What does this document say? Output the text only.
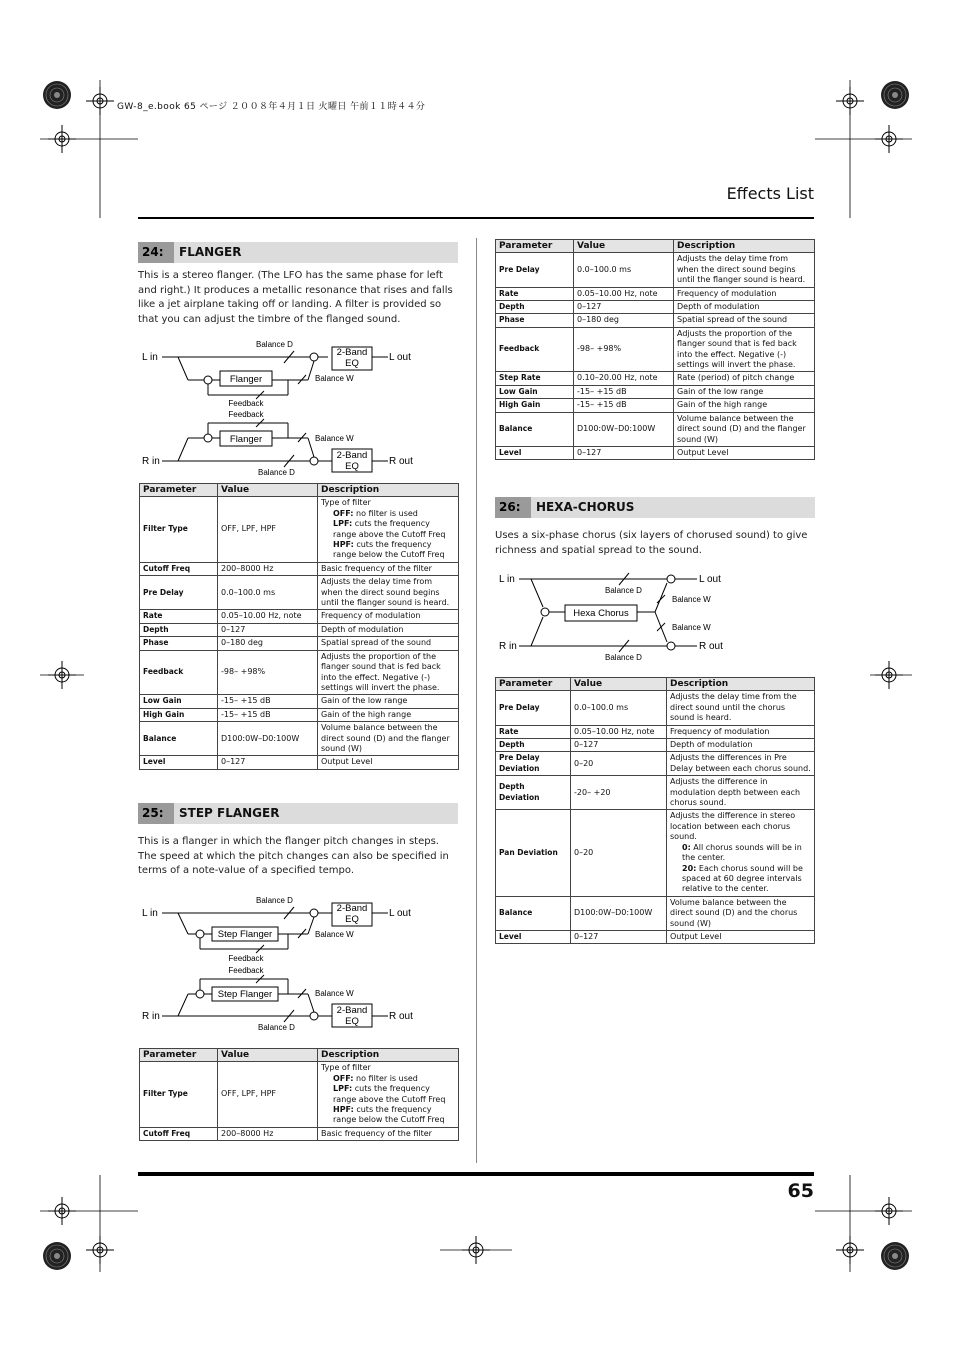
GW-8_e.book 65 ページ ２００８年４月１日 火曜日 午前１１時４４分
Effects List
24:	FLANGER
This is a stereo flanger. (The LFO has the same phase for left and right.) It produces a metallic resonance that rises and falls like a jet airplane taking off or landing. A filter is provided so that you can adjust the timbre of the flanged sound.
L in	L out
R in	R out
Balance D
Balance W
Balance W
Balance D
Flanger
Flanger
2-Band
EQ
2-Band
EQ
Feedback
Feedback
Parameter	Value	Description
Filter Type	OFF, LPF, HPF	Type of filter
OFF: no filter is used
LPF: cuts the frequency range above the Cutoff Freq
HPF: cuts the frequency range below the Cutoff Freq

Cutoff Freq	200–8000 Hz	Basic frequency of the filter
Pre Delay	0.0–100.0 ms	Adjusts the delay time from when the direct sound begins until the flanger sound is heard.
Rate	0.05–10.00 Hz, note	Frequency of modulation
Depth	0–127	Depth of modulation
Phase	0–180 deg	Spatial spread of the sound
Feedback	-98– +98%	Adjusts the proportion of the flanger sound that is fed back into the effect. Negative (-) settings will invert the phase.
Low Gain	-15– +15 dB	Gain of the low range
High Gain	-15– +15 dB	Gain of the high range
Balance	D100:0W–D0:100W	Volume balance between the direct sound (D) and the flanger sound (W)
Level	0–127	Output Level
25:	STEP FLANGER
This is a flanger in which the flanger pitch changes in steps. The speed at which the pitch changes can also be specified in terms of a note-value of a specified tempo.
L in	L out
R in	R out
Balance D
Balance W
Balance W
Balance D
Step Flanger
Step Flanger
2-Band
EQ
2-Band
EQ
Feedback
Feedback
Parameter	Value	Description
Filter Type	OFF, LPF, HPF	Type of filter
OFF: no filter is used
LPF: cuts the frequency range above the Cutoff Freq
HPF: cuts the frequency range below the Cutoff Freq

Cutoff Freq	200–8000 Hz	Basic frequency of the filter
Parameter	Value	Description
Pre Delay	0.0–100.0 ms	Adjusts the delay time from when the direct sound begins until the flanger sound is heard.
Rate	0.05–10.00 Hz, note	Frequency of modulation
Depth	0–127	Depth of modulation
Phase	0–180 deg	Spatial spread of the sound
Feedback	-98– +98%	Adjusts the proportion of the flanger sound that is fed back into the effect. Negative (-) settings will invert the phase.
Step Rate	0.10–20.00 Hz, note	Rate (period) of pitch change
Low Gain	-15– +15 dB	Gain of the low range
High Gain	-15– +15 dB	Gain of the high range
Balance	D100:0W–D0:100W	Volume balance between the direct sound (D) and the flanger sound (W)
Level	0–127	Output Level
26:	HEXA-CHORUS
Uses a six-phase chorus (six layers of chorused sound) to give richness and spatial spread to the sound.
L in	L out
R in	R out
Balance D
Balance D
Balance W
Balance W
Hexa Chorus
Parameter	Value	Description
Pre Delay	0.0–100.0 ms	Adjusts the delay time from the direct sound until the chorus sound is heard.
Rate	0.05–10.00 Hz, note	Frequency of modulation
Depth	0–127	Depth of modulation
Pre Delay Deviation	0–20	Adjusts the differences in Pre Delay between each chorus sound.
Depth Deviation	-20– +20	Adjusts the difference in modulation depth between each chorus sound.
Pan Deviation	0–20	Adjusts the difference in stereo location between each chorus sound.
0: All chorus sounds will be in the center.
20: Each chorus sound will be spaced at 60 degree intervals relative to the center.

Balance	D100:0W–D0:100W	Volume balance between the direct sound (D) and the chorus sound (W)
Level	0–127	Output Level
65
